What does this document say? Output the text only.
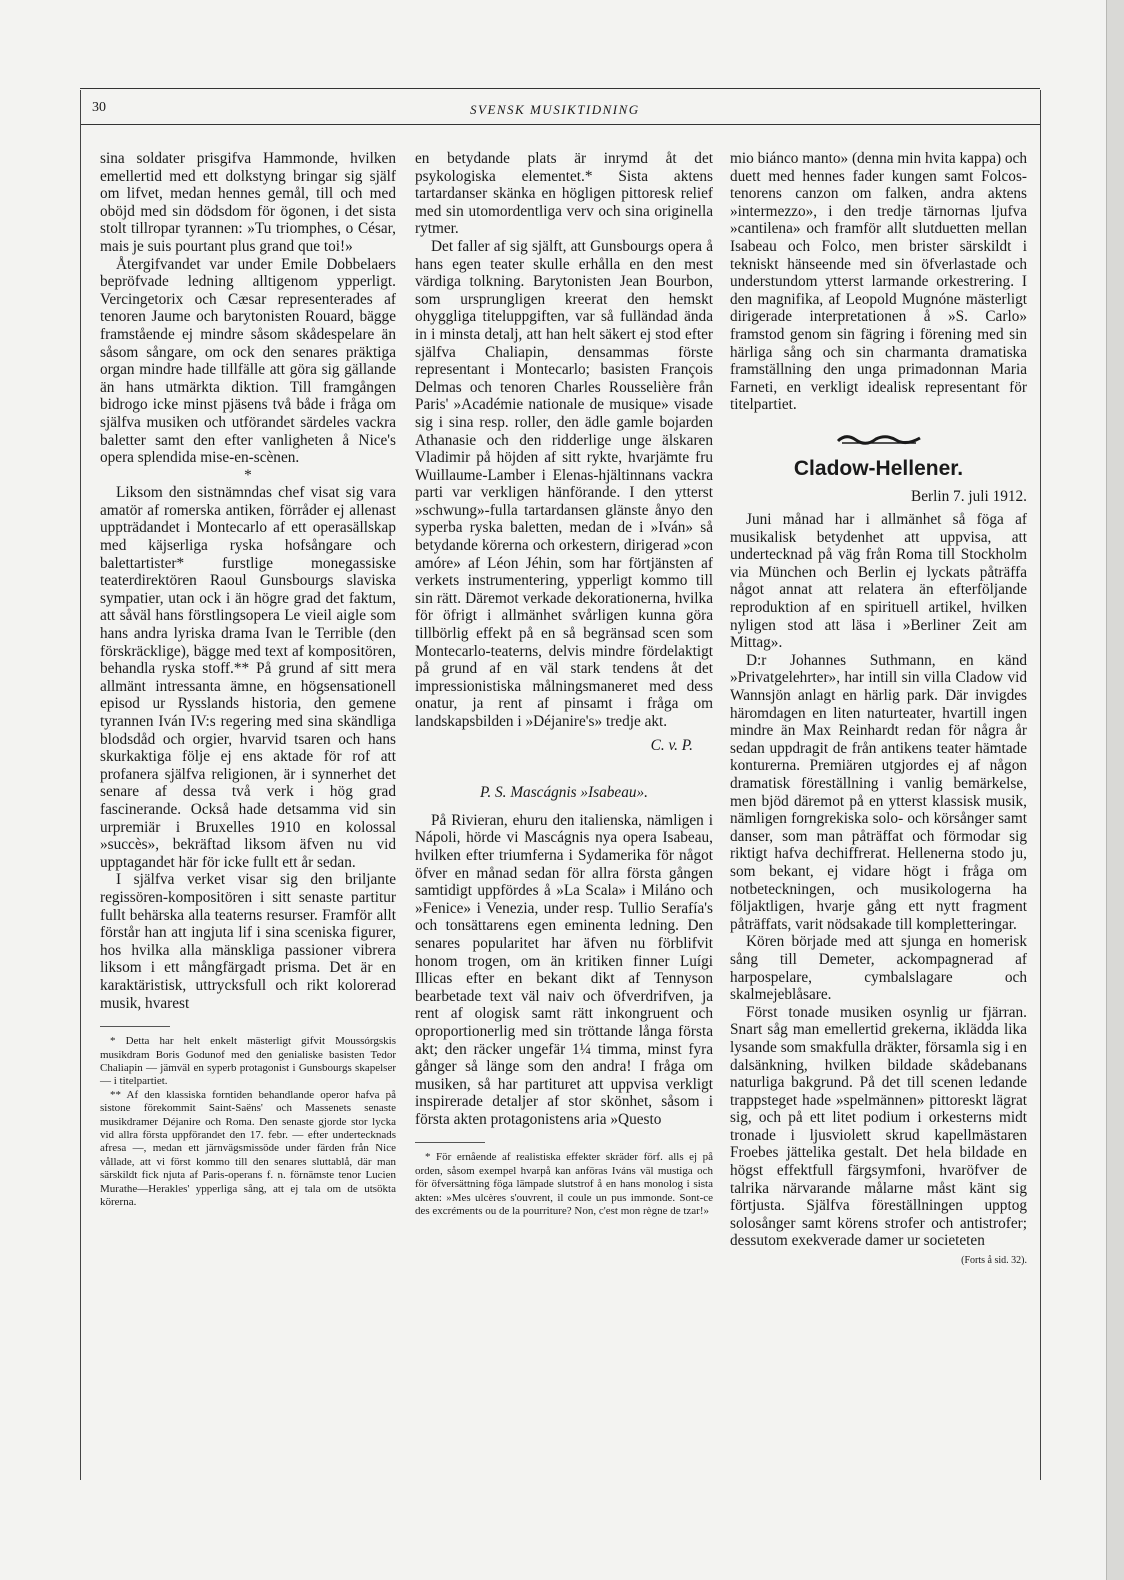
30	SVENSK MUSIKTIDNING

sina soldater prisgifva Hammonde, hvilken emellertid med ett dolkstyng bringar sig själf om lifvet, medan hennes gemål, till och med oböjd med sin dödsdom för ögonen, i det sista stolt tillropar tyrannen: »Tu triomphes, o César, mais je suis pourtant plus grand que toi!»

Återgifvandet var under Emile Dobbelaers bepröfvade ledning alltigenom ypperligt. Vercingetorix och Cæsar representerades af tenoren Jaume och barytonisten Rouard, bägge framstående ej mindre såsom skådespelare än såsom sångare, om ock den senares präktiga organ mindre hade tillfälle att göra sig gällande än hans utmärkta diktion. Till framgången bidrogo icke minst pjäsens två både i fråga om själfva musiken och utförandet särdeles vackra baletter samt den efter vanligheten å Nice's opera splendida mise-en-scènen.

*

Liksom den sistnämndas chef visat sig vara amatör af romerska antiken, förråder ej allenast uppträdandet i Montecarlo af ett operasällskap med käjserliga ryska hofsångare och balettartister* furstlige monegassiske teaterdirektören Raoul Gunsbourgs slaviska sympatier, utan ock i än högre grad det faktum, att såväl hans förstlingsopera Le vieil aigle som hans andra lyriska drama Ivan le Terrible (den förskräcklige), bägge med text af kompositören, behandla ryska stoff.** På grund af sitt mera allmänt intressanta ämne, en högsensationell episod ur Rysslands historia, den gemene tyrannen Iván IV:s regering med sina skändliga blodsdåd och orgier, hvarvid tsaren och hans skurkaktiga följe ej ens aktade för rof att profanera själfva religionen, är i synnerhet det senare af dessa två verk i hög grad fascinerande. Också hade detsamma vid sin urpremiär i Bruxelles 1910 en kolossal »succès», bekräftad liksom äfven nu vid upptagandet här för icke fullt ett år sedan.

I själfva verket visar sig den briljante regissören-kompositören i sitt senaste partitur fullt behärska alla teaterns resurser. Framför allt förstår han att ingjuta lif i sina sceniska figurer, hos hvilka alla mänskliga passioner vibrera liksom i ett mångfärgadt prisma. Det är en karaktäristisk, uttrycksfull och rikt kolorerad musik, hvarest

* Detta har helt enkelt mästerligt gifvit Moussórgskis musikdram Boris Godunof med den genialiske basisten Tedor Chaliapin — jämväl en syperb protagonist i Gunsbourgs skapelser — i titelpartiet.

** Af den klassiska forntiden behandlande operor hafva på sistone förekommit Saint-Saëns' och Massenets senaste musikdramer Déjanire och Roma. Den senaste gjorde stor lycka vid allra första uppförandet den 17. febr. — efter undertecknads afresa —, medan ett järnvägsmissöde under färden från Nice vållade, att vi först kommo till den senares sluttablå, där man särskildt fick njuta af Paris-operans f. n. förnämste tenor Lucien Murathe—Herakles' ypperliga sång, att ej tala om de utsökta körerna.

en betydande plats är inrymd åt det psykologiska elementet.* Sista aktens tartardanser skänka en högligen pittoresk relief med sin utomordentliga verv och sina originella rytmer.

Det faller af sig själft, att Gunsbourgs opera å hans egen teater skulle erhålla en den mest värdiga tolkning. Barytonisten Jean Bourbon, som ursprungligen kreerat den hemskt ohyggliga titeluppgiften, var så fulländad ända in i minsta detalj, att han helt säkert ej stod efter själfva Chaliapin, densammas förste representant i Montecarlo; basisten François Delmas och tenoren Charles Rousselière från Paris' »Académie nationale de musique» visade sig i sina resp. roller, den ädle gamle bojarden Athanasie och den ridderlige unge älskaren Vladimir på höjden af sitt rykte, hvarjämte fru Wuillaume-Lamber i Elenas-hjältinnans vackra parti var verkligen hänförande. I den ytterst »schwung»-fulla tartardansen glänste ånyo den syperba ryska baletten, medan de i »Iván» så betydande körerna och orkestern, dirigerad »con amóre» af Léon Jéhin, som har förtjänsten af verkets instrumentering, ypperligt kommo till sin rätt. Däremot verkade dekorationerna, hvilka för öfrigt i allmänhet svårligen kunna göra tillbörlig effekt på en så begränsad scen som Montecarlo-teaterns, delvis mindre fördelaktigt på grund af en väl stark tendens åt det impressionistiska målningsmaneret med dess onatur, ja rent af pinsamt i fråga om landskapsbilden i »Déjanire's» tredje akt.

C. v. P.

P. S. Mascágnis »Isabeau».

På Rivieran, ehuru den italienska, nämligen i Nápoli, hörde vi Mascágnis nya opera Isabeau, hvilken efter triumferna i Sydamerika för något öfver en månad sedan för allra första gången samtidigt uppfördes å »La Scala» i Miláno och »Fenice» i Venezia, under resp. Tullio Serafía's och tonsättarens egen eminenta ledning. Den senares popularitet har äfven nu förblifvit honom trogen, om än kritiken finner Luígi Illicas efter en bekant dikt af Tennyson bearbetade text väl naiv och öfverdrifven, ja rent af ologisk samt rätt inkongruent och oproportionerlig med sin tröttande långa första akt; den räcker ungefär 1¼ timma, minst fyra gånger så länge som den andra! I fråga om musiken, så har partituret att uppvisa verkligt inspirerade detaljer af stor skönhet, såsom i första akten protagonistens aria »Questo

* För ernående af realistiska effekter skräder förf. alls ej på orden, såsom exempel hvarpå kan anföras Iváns väl mustiga och för öfversättning föga lämpade slutstrof å en hans monolog i sista akten: »Mes ulcères s'ouvrent, il coule un pus immonde. Sont-ce des excréments ou de la pourriture? Non, c'est mon règne de tzar!»

mio biánco manto» (denna min hvita kappa) och duett med hennes fader kungen samt Folcos-tenorens canzon om falken, andra aktens »intermezzo», i den tredje tärnornas ljufva »cantilena» och framför allt slutduetten mellan Isabeau och Folco, men brister särskildt i tekniskt hänseende med sin öfverlastade och understundom ytterst larmande orkestrering. I den magnifika, af Leopold Mugnóne mästerligt dirigerade interpretationen å »S. Carlo» framstod genom sin fägring i förening med sin härliga sång och sin charmanta dramatiska framställning den unga primadonnan Maria Farneti, en verkligt idealisk representant för titelpartiet.

Cladow-Hellener.
Berlin 7. juli 1912.

Juni månad har i allmänhet så föga af musikalisk betydenhet att uppvisa, att undertecknad på väg från Roma till Stockholm via München och Berlin ej lyckats påträffa något annat att relatera än efterföljande reproduktion af en spirituell artikel, hvilken nyligen stod att läsa i »Berliner Zeit am Mittag».

D:r Johannes Suthmann, en känd »Privatgelehrter», har intill sin villa Cladow vid Wannsjön anlagt en härlig park. Där invigdes häromdagen en liten naturteater, hvartill ingen mindre än Max Reinhardt redan för några år sedan uppdragit de från antikens teater hämtade konturerna. Premiären utgjordes ej af någon dramatisk föreställning i vanlig bemärkelse, men bjöd däremot på en ytterst klassisk musik, nämligen forngrekiska solo- och körsånger samt danser, som man påträffat och förmodar sig riktigt hafva dechiffrerat. Hellenerna stodo ju, som bekant, ej vidare högt i fråga om notbeteckningen, och musikologerna ha följaktligen, hvarje gång ett nytt fragment påträffats, varit nödsakade till kompletteringar.

Kören började med att sjunga en homerisk sång till Demeter, ackompagnerad af harpospelare, cymbalslagare och skalmejeblåsare.

Först tonade musiken osynlig ur fjärran. Snart såg man emellertid grekerna, iklädda lika lysande som smakfulla dräkter, församla sig i en dalsänkning, hvilken bildade skådebanans naturliga bakgrund. På det till scenen ledande trappsteget hade »spelmännen» pittoreskt lägrat sig, och på ett litet podium i orkesterns midt tronade i ljusviolett skrud kapellmästaren Froebes jättelika gestalt. Det hela bildade en högst effektfull färgsymfoni, hvaröfver de talrika närvarande målarne måst känt sig förtjusta. Själfva föreställningen upptog solosånger samt körens strofer och antistrofer; dessutom exekverade damer ur societeten

(Forts å sid. 32).
